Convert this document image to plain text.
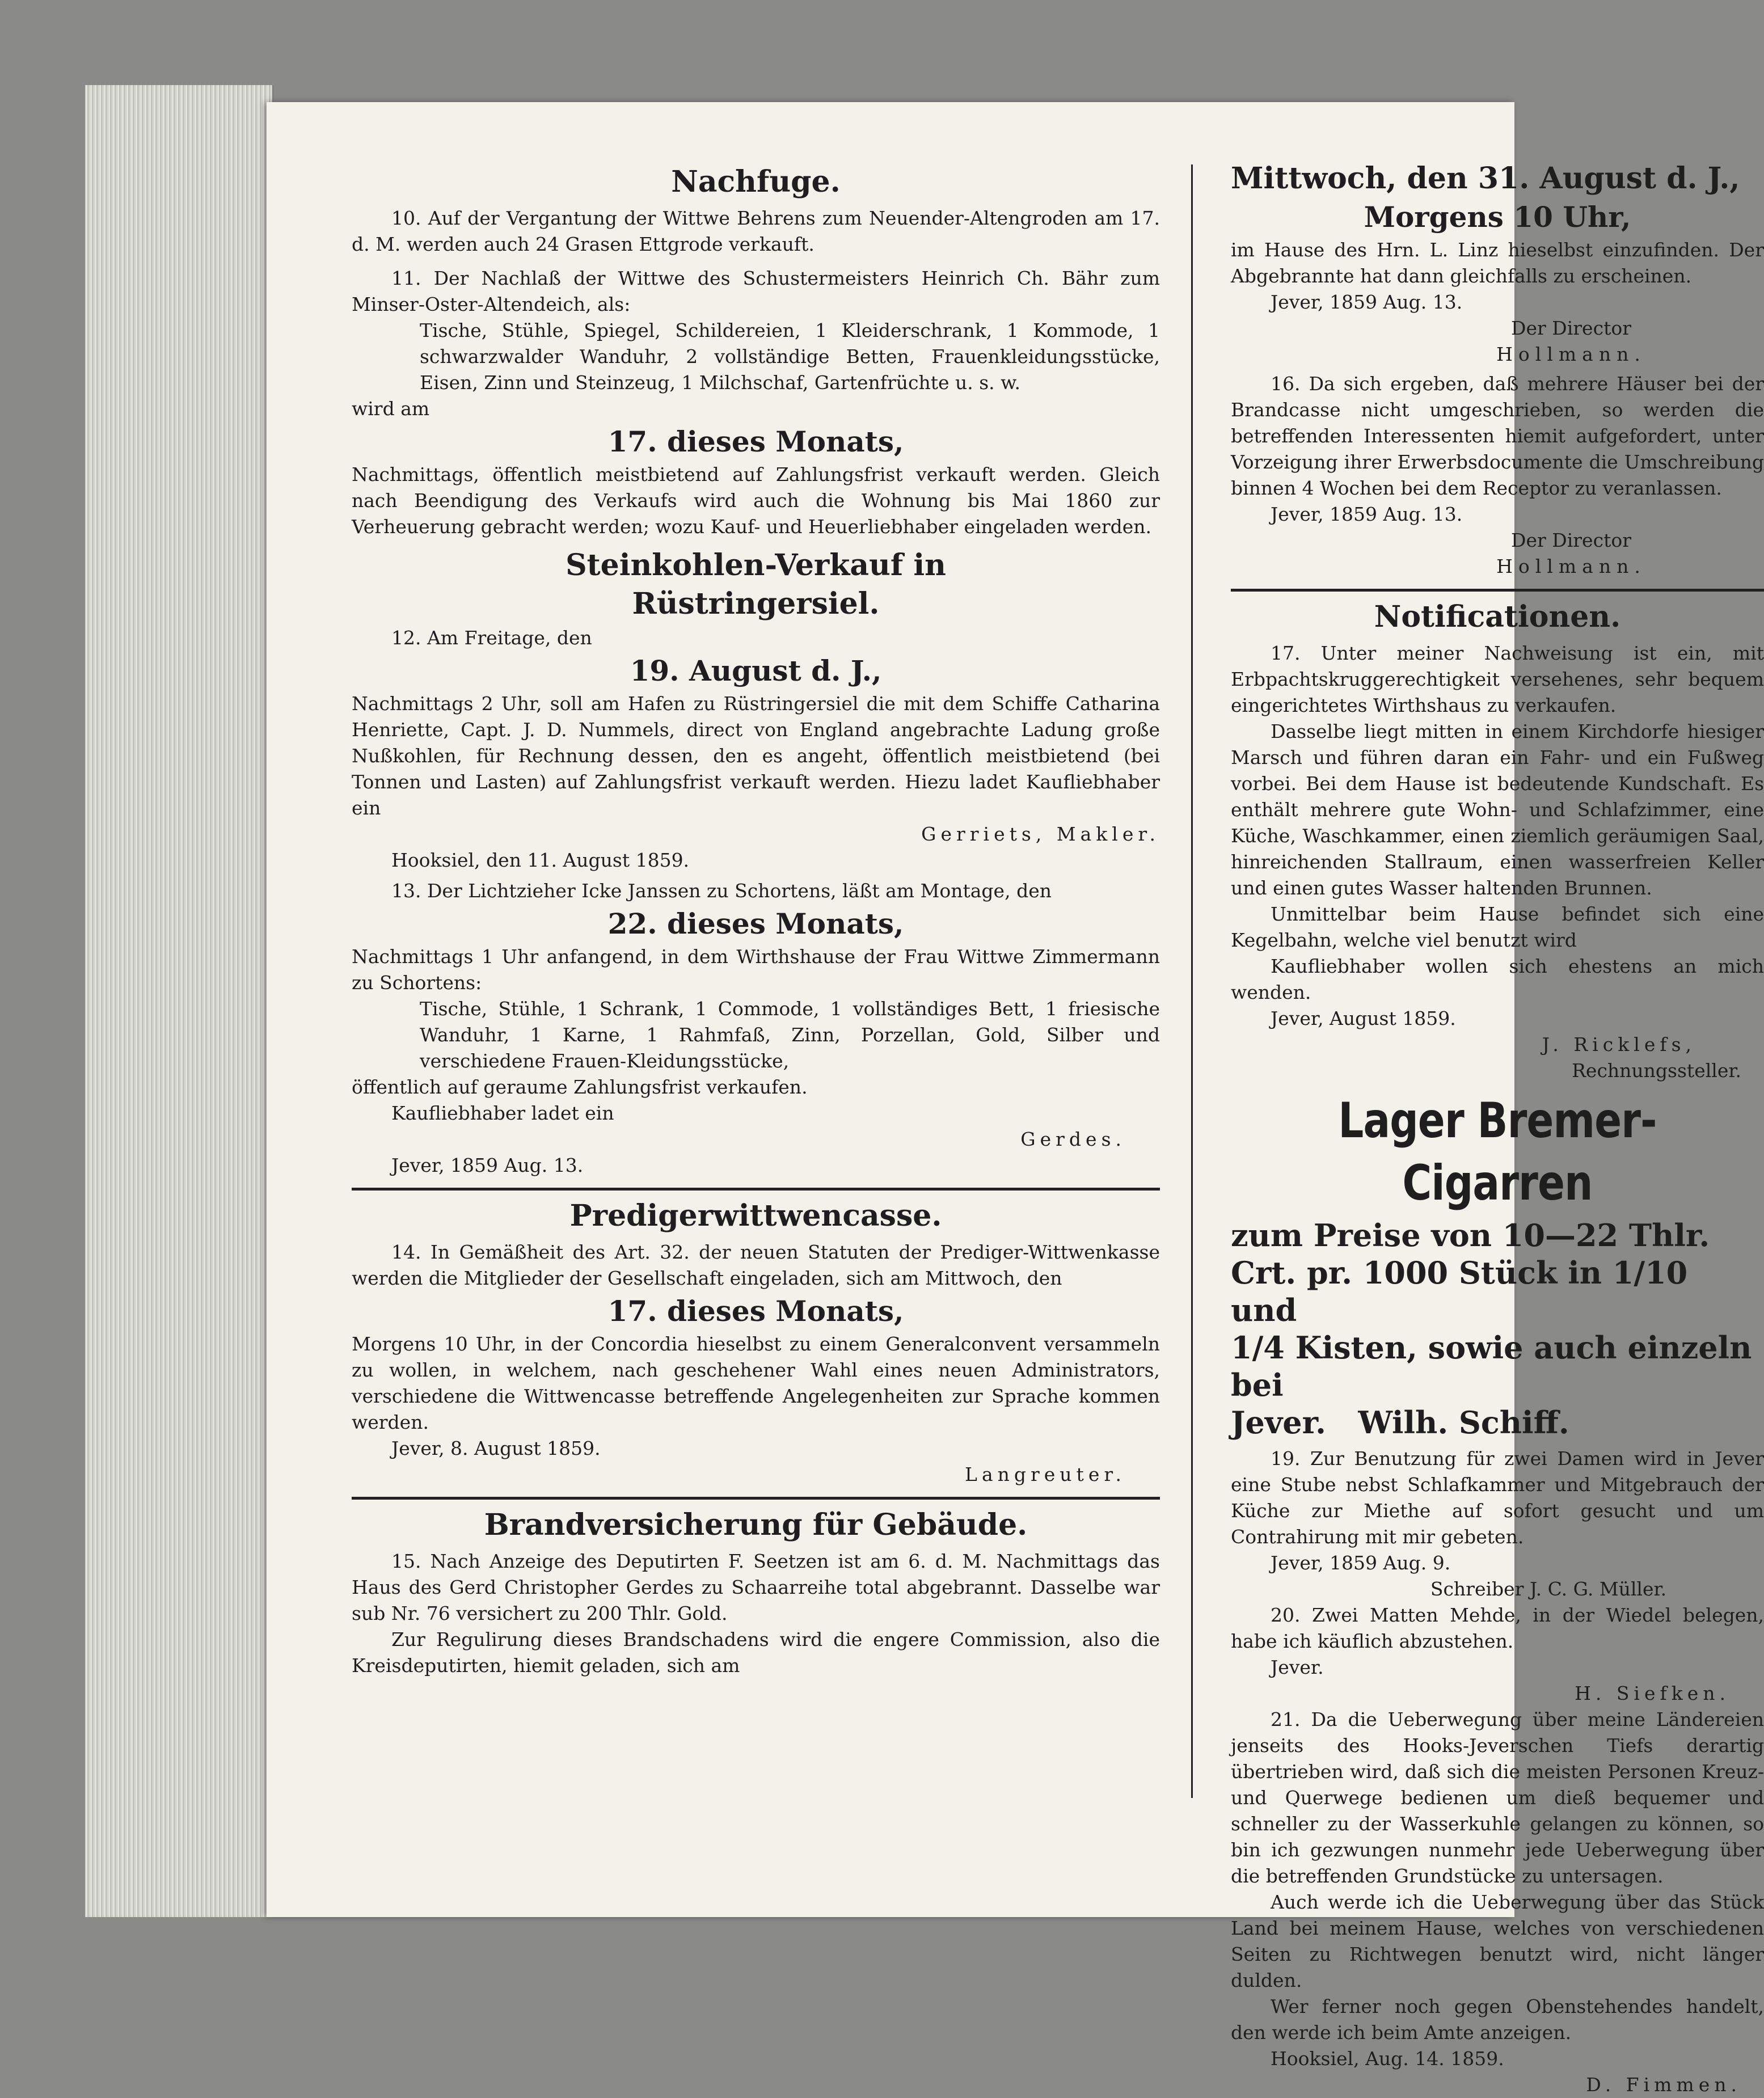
Nachfuge.

10. Auf der Vergantung der Wittwe Behrens zum Neuender-Altengroden am 17. d. M. werden auch 24 Grasen Ettgrode verkauft.

11. Der Nachlaß der Wittwe des Schustermeisters Heinrich Ch. Bähr zum Minser-Oster-Altendeich, als:

Tische, Stühle, Spiegel, Schildereien, 1 Kleiderschrank, 1 Kommode, 1 schwarzwalder Wanduhr, 2 vollständige Betten, Frauenkleidungsstücke, Eisen, Zinn und Steinzeug, 1 Milchschaf, Gartenfrüchte u. s. w.

wird am

17. dieses Monats,

Nachmittags, öffentlich meistbietend auf Zahlungsfrist verkauft werden. Gleich nach Beendigung des Verkaufs wird auch die Wohnung bis Mai 1860 zur Verheuerung gebracht werden; wozu Kauf- und Heuerliebhaber eingeladen werden.

Steinkohlen-Verkauf in

Rüstringersiel.

12. Am Freitage, den

19. August d. J.,

Nachmittags 2 Uhr, soll am Hafen zu Rüstringersiel die mit dem Schiffe Catharina Henriette, Capt. J. D. Nummels, direct von England angebrachte Ladung große Nußkohlen, für Rechnung dessen, den es angeht, öffentlich meistbietend (bei Tonnen und Lasten) auf Zahlungsfrist verkauft werden. Hiezu ladet Kaufliebhaber ein

Gerriets, Makler.

Hooksiel, den 11. August 1859.

13. Der Lichtzieher Icke Janssen zu Schortens, läßt am Montage, den

22. dieses Monats,

Nachmittags 1 Uhr anfangend, in dem Wirthshause der Frau Wittwe Zimmermann zu Schortens:

Tische, Stühle, 1 Schrank, 1 Commode, 1 vollständiges Bett, 1 friesische Wanduhr, 1 Karne, 1 Rahmfaß, Zinn, Porzellan, Gold, Silber und verschiedene Frauen-Kleidungsstücke,

öffentlich auf geraume Zahlungsfrist verkaufen.

Kaufliebhaber ladet ein

Gerdes.

Jever, 1859 Aug. 13.

Predigerwittwencasse.

14. In Gemäßheit des Art. 32. der neuen Statuten der Prediger-Wittwenkasse werden die Mitglieder der Gesellschaft eingeladen, sich am Mittwoch, den

17. dieses Monats,

Morgens 10 Uhr, in der Concordia hieselbst zu einem Generalconvent versammeln zu wollen, in welchem, nach geschehener Wahl eines neuen Administrators, verschiedene die Wittwencasse betreffende Angelegenheiten zur Sprache kommen werden.

Jever, 8. August 1859.

Langreuter.

Brandversicherung für Gebäude.

15. Nach Anzeige des Deputirten F. Seetzen ist am 6. d. M. Nachmittags das Haus des Gerd Christopher Gerdes zu Schaarreihe total abgebrannt. Dasselbe war sub Nr. 76 versichert zu 200 Thlr. Gold.

Zur Regulirung dieses Brandschadens wird die engere Commission, also die Kreisdeputirten, hiemit geladen, sich am

Mittwoch, den 31. August d. J.,

Morgens 10 Uhr,

im Hause des Hrn. L. Linz hieselbst einzufinden. Der Abgebrannte hat dann gleichfalls zu erscheinen.

Jever, 1859 Aug. 13.

Der Director

Hollmann.

16. Da sich ergeben, daß mehrere Häuser bei der Brandcasse nicht umgeschrieben, so werden die betreffenden Interessenten hiemit aufgefordert, unter Vorzeigung ihrer Erwerbsdocumente die Umschreibung binnen 4 Wochen bei dem Receptor zu veranlassen.

Jever, 1859 Aug. 13.

Der Director

Hollmann.

Notificationen.

17. Unter meiner Nachweisung ist ein, mit Erbpachtskruggerechtigkeit versehenes, sehr bequem eingerichtetes Wirthshaus zu verkaufen.

Dasselbe liegt mitten in einem Kirchdorfe hiesiger Marsch und führen daran ein Fahr- und ein Fußweg vorbei. Bei dem Hause ist bedeutende Kundschaft. Es enthält mehrere gute Wohn- und Schlafzimmer, eine Küche, Waschkammer, einen ziemlich geräumigen Saal, hinreichenden Stallraum, einen wasserfreien Keller und einen gutes Wasser haltenden Brunnen.

Unmittelbar beim Hause befindet sich eine Kegelbahn, welche viel benutzt wird

Kaufliebhaber wollen sich ehestens an mich wenden.

Jever, August 1859.

J. Ricklefs,

Rechnungssteller.

Lager Bremer-Cigarren

zum Preise von 10—22 Thlr.

Crt. pr. 1000 Stück in 1/10 und

1/4 Kisten, sowie auch einzeln bei

Jever.   Wilh. Schiff.

19. Zur Benutzung für zwei Damen wird in Jever eine Stube nebst Schlafkammer und Mitgebrauch der Küche zur Miethe auf sofort gesucht und um Contrahirung mit mir gebeten.

Jever, 1859 Aug. 9.

Schreiber J. C. G. Müller.

20. Zwei Matten Mehde, in der Wiedel belegen, habe ich käuflich abzustehen.

Jever.

H. Siefken.

21. Da die Ueberwegung über meine Ländereien jenseits des Hooks-Jeverschen Tiefs derartig übertrieben wird, daß sich die meisten Personen Kreuz- und Querwege bedienen um dieß bequemer und schneller zu der Wasserkuhle gelangen zu können, so bin ich gezwungen nunmehr jede Ueberwegung über die betreffenden Grundstücke zu untersagen.

Auch werde ich die Ueberwegung über das Stück Land bei meinem Hause, welches von verschiedenen Seiten zu Richtwegen benutzt wird, nicht länger dulden.

Wer ferner noch gegen Obenstehendes handelt, den werde ich beim Amte anzeigen.

Hooksiel, Aug. 14. 1859.

D. Fimmen.
